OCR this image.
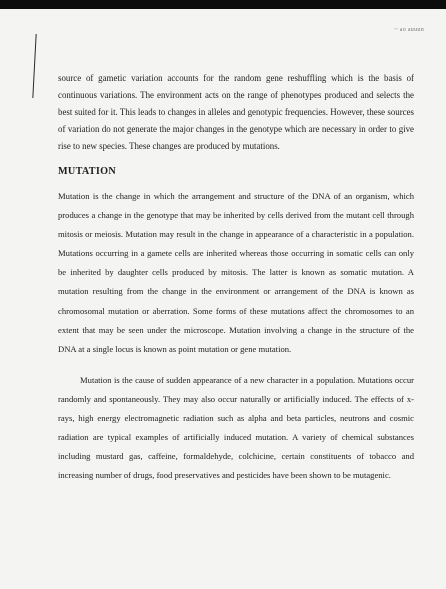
~ ao auuun

source of gametic variation accounts for the random gene reshuffling which is the basis of continuous variations. The environment acts on the range of phenotypes produced and selects the best suited for it. This leads to changes in alleles and genotypic frequencies. However, these sources of variation do not generate the major changes in the genotype which are necessary in order to give rise to new species. These changes are produced by mutations.

MUTATION

Mutation is the change in which the arrangement and structure of the DNA of an organism, which produces a change in the genotype that may be inherited by cells derived from the mutant cell through mitosis or meiosis. Mutation may result in the change in appearance of a characteristic in a population. Mutations occurring in a gamete cells are inherited whereas those occurring in somatic cells can only be inherited by daughter cells produced by mitosis. The latter is known as somatic mutation. A mutation resulting from the change in the environment or arrangement of the DNA is known as chromosomal mutation or aberration. Some forms of these mutations affect the chromosomes to an extent that may be seen under the microscope. Mutation involving a change in the structure of the DNA at a single locus is known as point mutation or gene mutation.

Mutation is the cause of sudden appearance of a new character in a population. Mutations occur randomly and spontaneously. They may also occur naturally or artificially induced. The effects of x-rays, high energy electromagnetic radiation such as alpha and beta particles, neutrons and cosmic radiation are typical examples of artificially induced mutation. A variety of chemical substances including mustard gas, caffeine, formaldehyde, colchicine, certain constituents of tobacco and increasing number of drugs, food preservatives and pesticides have been shown to be mutagenic.
